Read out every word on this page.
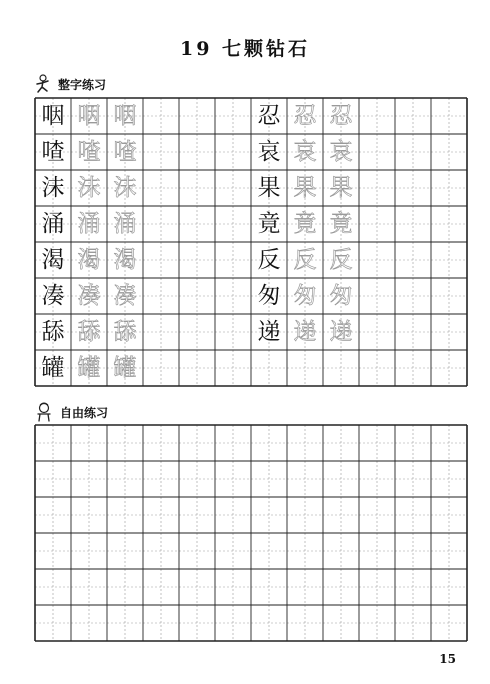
19 七颗钻石
整字练习
咽 咽 咽
喳 喳 喳
沫 沫 沫
涌 涌 涌
渴 渴 渴
凑 凑 凑
舔 舔 舔
罐 罐 罐
忍 忍 忍
哀 哀 哀
果 果 果
竟 竟 竟
反 反 反
匆 匆 匆
递 递 递
自由练习
15
